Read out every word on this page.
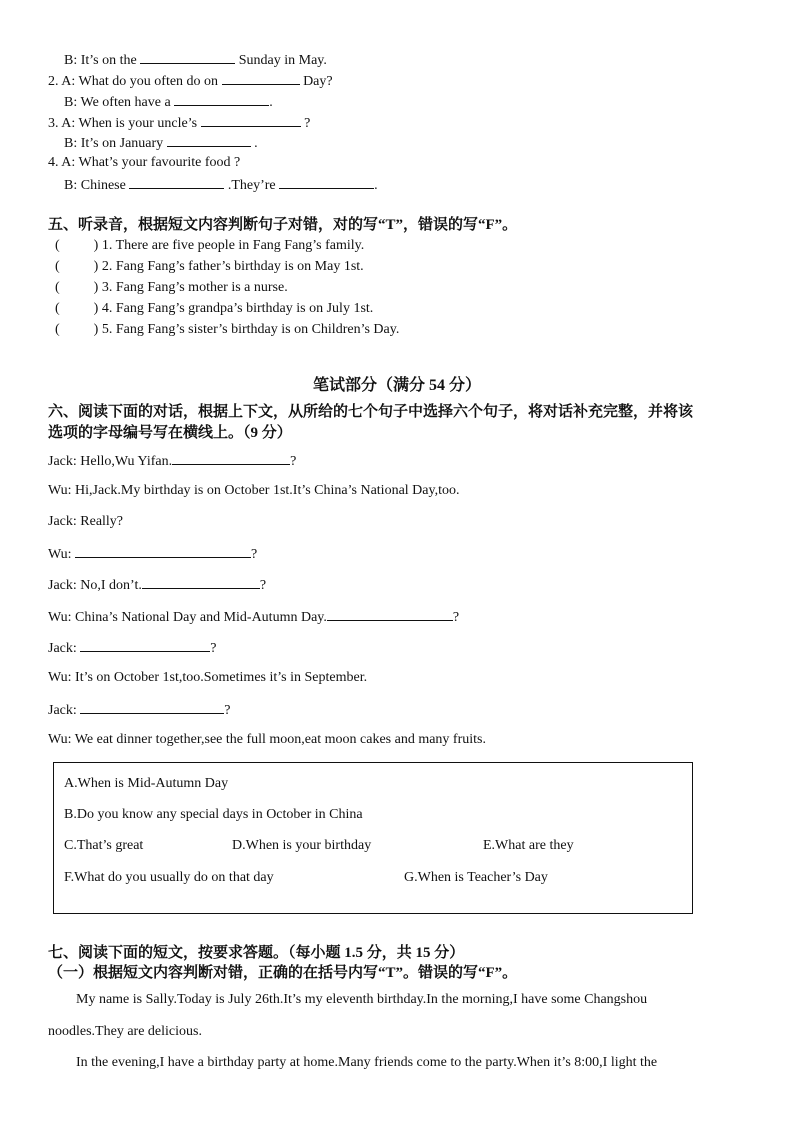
B: It’s on the	Sunday in May.
2. A: What do you often do on	Day?
B: We often have a	.
3. A: When is your uncle’s	?
B: It’s on January	.
4. A: What’s your favourite food ?
B: Chinese	.They’re	.
五、听录音，根据短文内容判断句子对错，对的写“T”，错误的写“F”。
( ) 1. There are five people in Fang Fang’s family.
( ) 2. Fang Fang’s father’s birthday is on May 1st.
( ) 3. Fang Fang’s mother is a nurse.
( ) 4. Fang Fang’s grandpa’s birthday is on July 1st.
( ) 5. Fang Fang’s sister’s birthday is on Children’s Day.
笔试部分（满分 54 分）
六、阅读下面的对话，根据上下文，从所给的七个句子中选择六个句子，将对话补充完整，并将该
选项的字母编号写在横线上。（9 分）
Jack: Hello,Wu Yifan.	?
Wu: Hi,Jack.My birthday is on October 1st.It’s China’s National Day,too.
Jack: Really?
Wu:	?
Jack: No,I don’t.	?
Wu: China’s National Day and Mid-Autumn Day.	?
Jack:	?
Wu: It’s on October 1st,too.Sometimes it’s in September.
Jack:	?
Wu: We eat dinner together,see the full moon,eat moon cakes and many fruits.
A.When is Mid-Autumn Day
B.Do you know any special days in October in China
C.That’s great	D.When is your birthday	E.What are they
F.What do you usually do on that day	G.When is Teacher’s Day
七、阅读下面的短文，按要求答题。（每小题 1.5 分，共 15 分）
（一）根据短文内容判断对错，正确的在括号内写“T”。错误的写“F”。
My name is Sally.Today is July 26th.It’s my eleventh birthday.In the morning,I have some Changshou
noodles.They are delicious.
In the evening,I have a birthday party at home.Many friends come to the party.When it’s 8:00,I light the
